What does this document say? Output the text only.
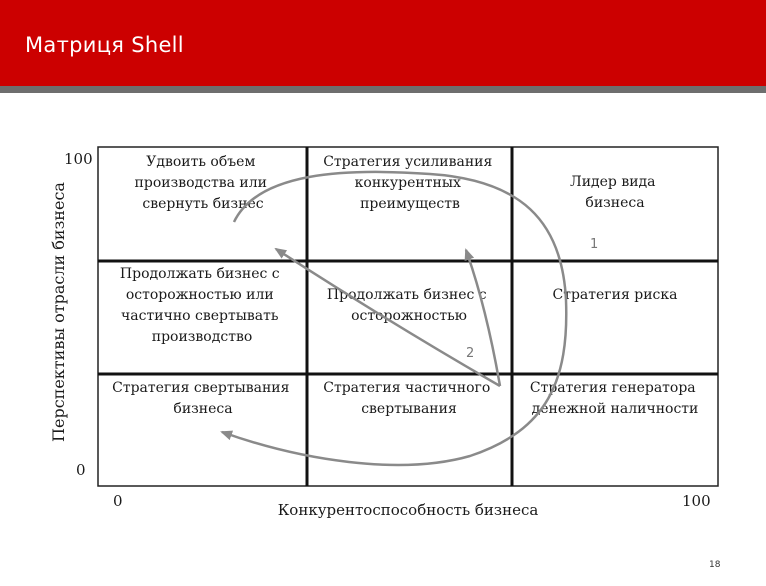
Матриця Shell
100
0
0	100
Конкурентоспособность бизнеса
Перспективы отрасли бизнеса
Удвоить объем производства или свернуть бизнес
Стратегия усиливания конкурентных преимуществ
Лидер вида бизнеса
Продолжать бизнес с осторожностью или частично свертывать производство
Продолжать бизнес с осторожностью
Стратегия риска
Стратегия свертывания бизнеса
Стратегия частичного свертывания
Стратегия генератора денежной наличности
1
2
18
